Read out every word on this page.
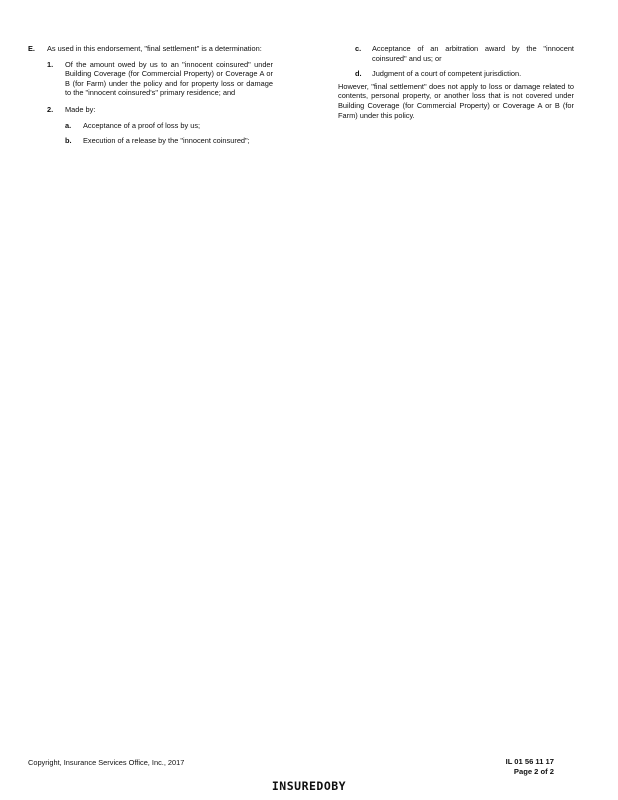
E. As used in this endorsement, "final settlement" is a determination:
1. Of the amount owed by us to an "innocent coinsured" under Building Coverage (for Commercial Property) or Coverage A or B (for Farm) under the policy and for property loss or damage to the "innocent coinsured's" primary residence; and
2. Made by:
a. Acceptance of a proof of loss by us;
b. Execution of a release by the "innocent coinsured";
c. Acceptance of an arbitration award by the "innocent coinsured" and us; or
d. Judgment of a court of competent jurisdiction.

However, "final settlement" does not apply to loss or damage related to contents, personal property, or another loss that is not covered under Building Coverage (for Commercial Property) or Coverage A or B (for Farm) under this policy.

Copyright, Insurance Services Office, Inc., 2017	IL 01 56 11 17
Page 2 of 2
INSUREDOBY
